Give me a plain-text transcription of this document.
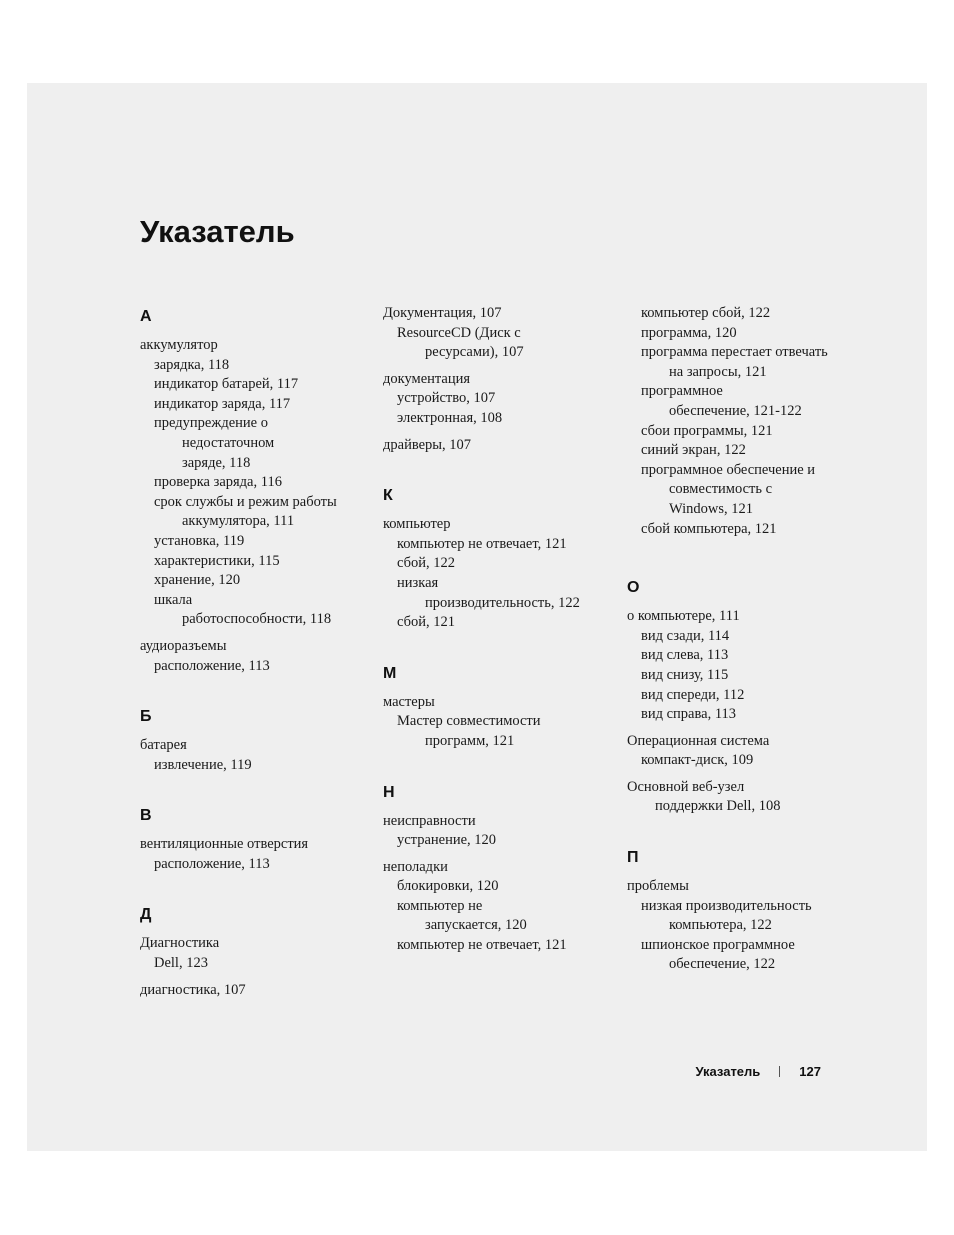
Указатель
А
аккумулятор
зарядка, 118
индикатор батарей, 117
индикатор заряда, 117
предупреждение о
недостаточном
заряде, 118
проверка заряда, 116
срок службы и режим работы
аккумулятора, 111
установка, 119
характеристики, 115
хранение, 120
шкала
работоспособности, 118
аудиоразъемы
расположение, 113
Б
батарея
извлечение, 119
В
вентиляционные отверстия
расположение, 113
Д
Диагностика
Dell, 123
диагностика, 107
Документация, 107
ResourceCD (Диск с
ресурсами), 107
документация
устройство, 107
электронная, 108
драйверы, 107
К
компьютер
компьютер не отвечает, 121
сбой, 122
низкая
производительность, 122
сбой, 121
М
мастеры
Мастер совместимости
программ, 121
Н
неисправности
устранение, 120
неполадки
блокировки, 120
компьютер не
запускается, 120
компьютер не отвечает, 121
компьютер сбой, 122
программа, 120
программа перестает отвечать
на запросы, 121
программное
обеспечение, 121-122
сбои программы, 121
синий экран, 122
программное обеспечение и
совместимость с
Windows, 121
сбой компьютера, 121
О
о компьютере, 111
вид сзади, 114
вид слева, 113
вид снизу, 115
вид спереди, 112
вид справа, 113
Операционная система
компакт-диск, 109
Основной веб-узел
поддержки Dell, 108
П
проблемы
низкая производительность
компьютера, 122
шпионское программное
обеспечение, 122
Указатель	127
